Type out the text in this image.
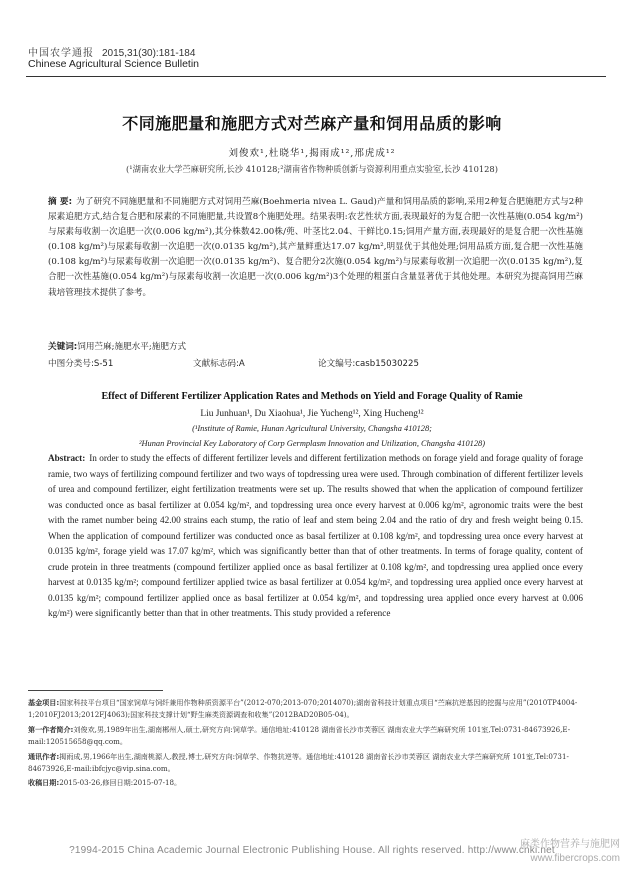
中国农学通报 2015,31(30):181-184
Chinese Agricultural Science Bulletin
不同施肥量和施肥方式对苎麻产量和饲用品质的影响
刘俊欢¹,杜晓华¹,揭雨成¹²,邢虎成¹²
(¹湖南农业大学苎麻研究所,长沙 410128;²湖南省作物种质创新与资源利用重点实验室,长沙 410128)
摘 要: 为了研究不同施肥量和不同施肥方式对饲用苎麻(Boehmeria nivea L. Gaud)产量和饲用品质的影响,采用2种复合肥施肥方式与2种尿素追肥方式,结合复合肥和尿素的不同施肥量,共设置8个施肥处理。结果表明:农艺性状方面,表现最好的为复合肥一次性基施(0.054 kg/m²)与尿素每收割一次追肥一次(0.006 kg/m²),其分株数42.00株/蔸、叶茎比2.04、干鲜比0.15;饲用产量方面,表现最好的是复合肥一次性基施(0.108 kg/m²)与尿素每收割一次追肥一次(0.0135 kg/m²),其产量鲜重达17.07 kg/m²,明显优于其他处理;饲用品质方面,复合肥一次性基施(0.108 kg/m²)与尿素每收割一次追肥一次(0.0135 kg/m²)、复合肥分2次施(0.054 kg/m²)与尿素每收割一次追肥一次(0.0135 kg/m²),复合肥一次性基施(0.054 kg/m²)与尿素每收割一次追肥一次(0.006 kg/m²)3个处理的粗蛋白含量显著优于其他处理。本研究为提高饲用苎麻栽培管理技术提供了参考。
关键词:饲用苎麻;施肥水平;施肥方式
中图分类号:S-51	文献标志码:A	论文编号:casb15030225
Effect of Different Fertilizer Application Rates and Methods on Yield and Forage Quality of Ramie
Liu Junhuan¹, Du Xiaohua¹, Jie Yucheng¹², Xing Hucheng¹²
(¹Institute of Ramie, Hunan Agricultural University, Changsha 410128;
²Hunan Provincial Key Laboratory of Corp Germplasm Innovation and Utilization, Changsha 410128)
Abstract: In order to study the effects of different fertilizer levels and different fertilization methods on forage yield and forage quality of forage ramie, two ways of fertilizing compound fertilizer and two ways of topdressing urea were used. Through combination of different fertilizer levels of urea and compound fertilizer, eight fertilization treatments were set up. The results showed that when the application of compound fertilizer was conducted once as basal fertilizer at 0.054 kg/m², and topdressing urea once every harvest at 0.006 kg/m², agronomic traits were the best with the ramet number being 42.00 strains each stump, the ratio of leaf and stem being 2.04 and the ratio of dry and fresh weight being 0.15. When the application of compound fertilizer was conducted once as basal fertilizer at 0.108 kg/m², and topdressing urea once every harvest at 0.0135 kg/m², forage yield was 17.07 kg/m², which was significantly better than that of other treatments. In terms of forage quality, content of crude protein in three treatments (compound fertilizer applied once as basal fertilizer at 0.108 kg/m², and topdressing urea applied once every harvest at 0.0135 kg/m²; compound fertilizer applied twice as basal fertilizer at 0.054 kg/m², and topdressing urea applied once every harvest at 0.0135 kg/m²; compound fertilizer applied once as basal fertilizer at 0.054 kg/m², and topdressing urea applied once every harvest at 0.006 kg/m²) were significantly better than that in other treatments. This study provided a reference

基金项目:国家科技平台项目“国家饲草与饲纤兼用作物种质资源平台”(2012-070;2013-070;2014070);湖南省科技计划重点项目“苎麻抗逆基因的挖掘与应用”(2010TP4004-1;2010FJ2013;2012FJ4063);国家科技支撑计划“野生麻类资源调查和收集”(2012BAD20B05-04)。

第一作者简介:刘俊欢,男,1989年出生,湖南郴州人,硕士,研究方向:饲草学。通信地址:410128 湖南省长沙市芙蓉区 湖南农业大学苎麻研究所 101室,Tel:0731-84673926,E-mail:120515658@qq.com。

通讯作者:揭雨成,男,1966年出生,湖南桃源人,教授,博士,研究方向:饲草学、作物抗逆等。通信地址:410128 湖南省长沙市芙蓉区 湖南农业大学苎麻研究所 101室,Tel:0731-84673926,E-mail:ibfcjyc@vip.sina.com。

收稿日期:2015-03-26,修回日期:2015-07-18。

?1994-2015 China Academic Journal Electronic Publishing House. All rights reserved. http://www.cnki.net
麻类作物营养与施肥网
www.fibercrops.com
